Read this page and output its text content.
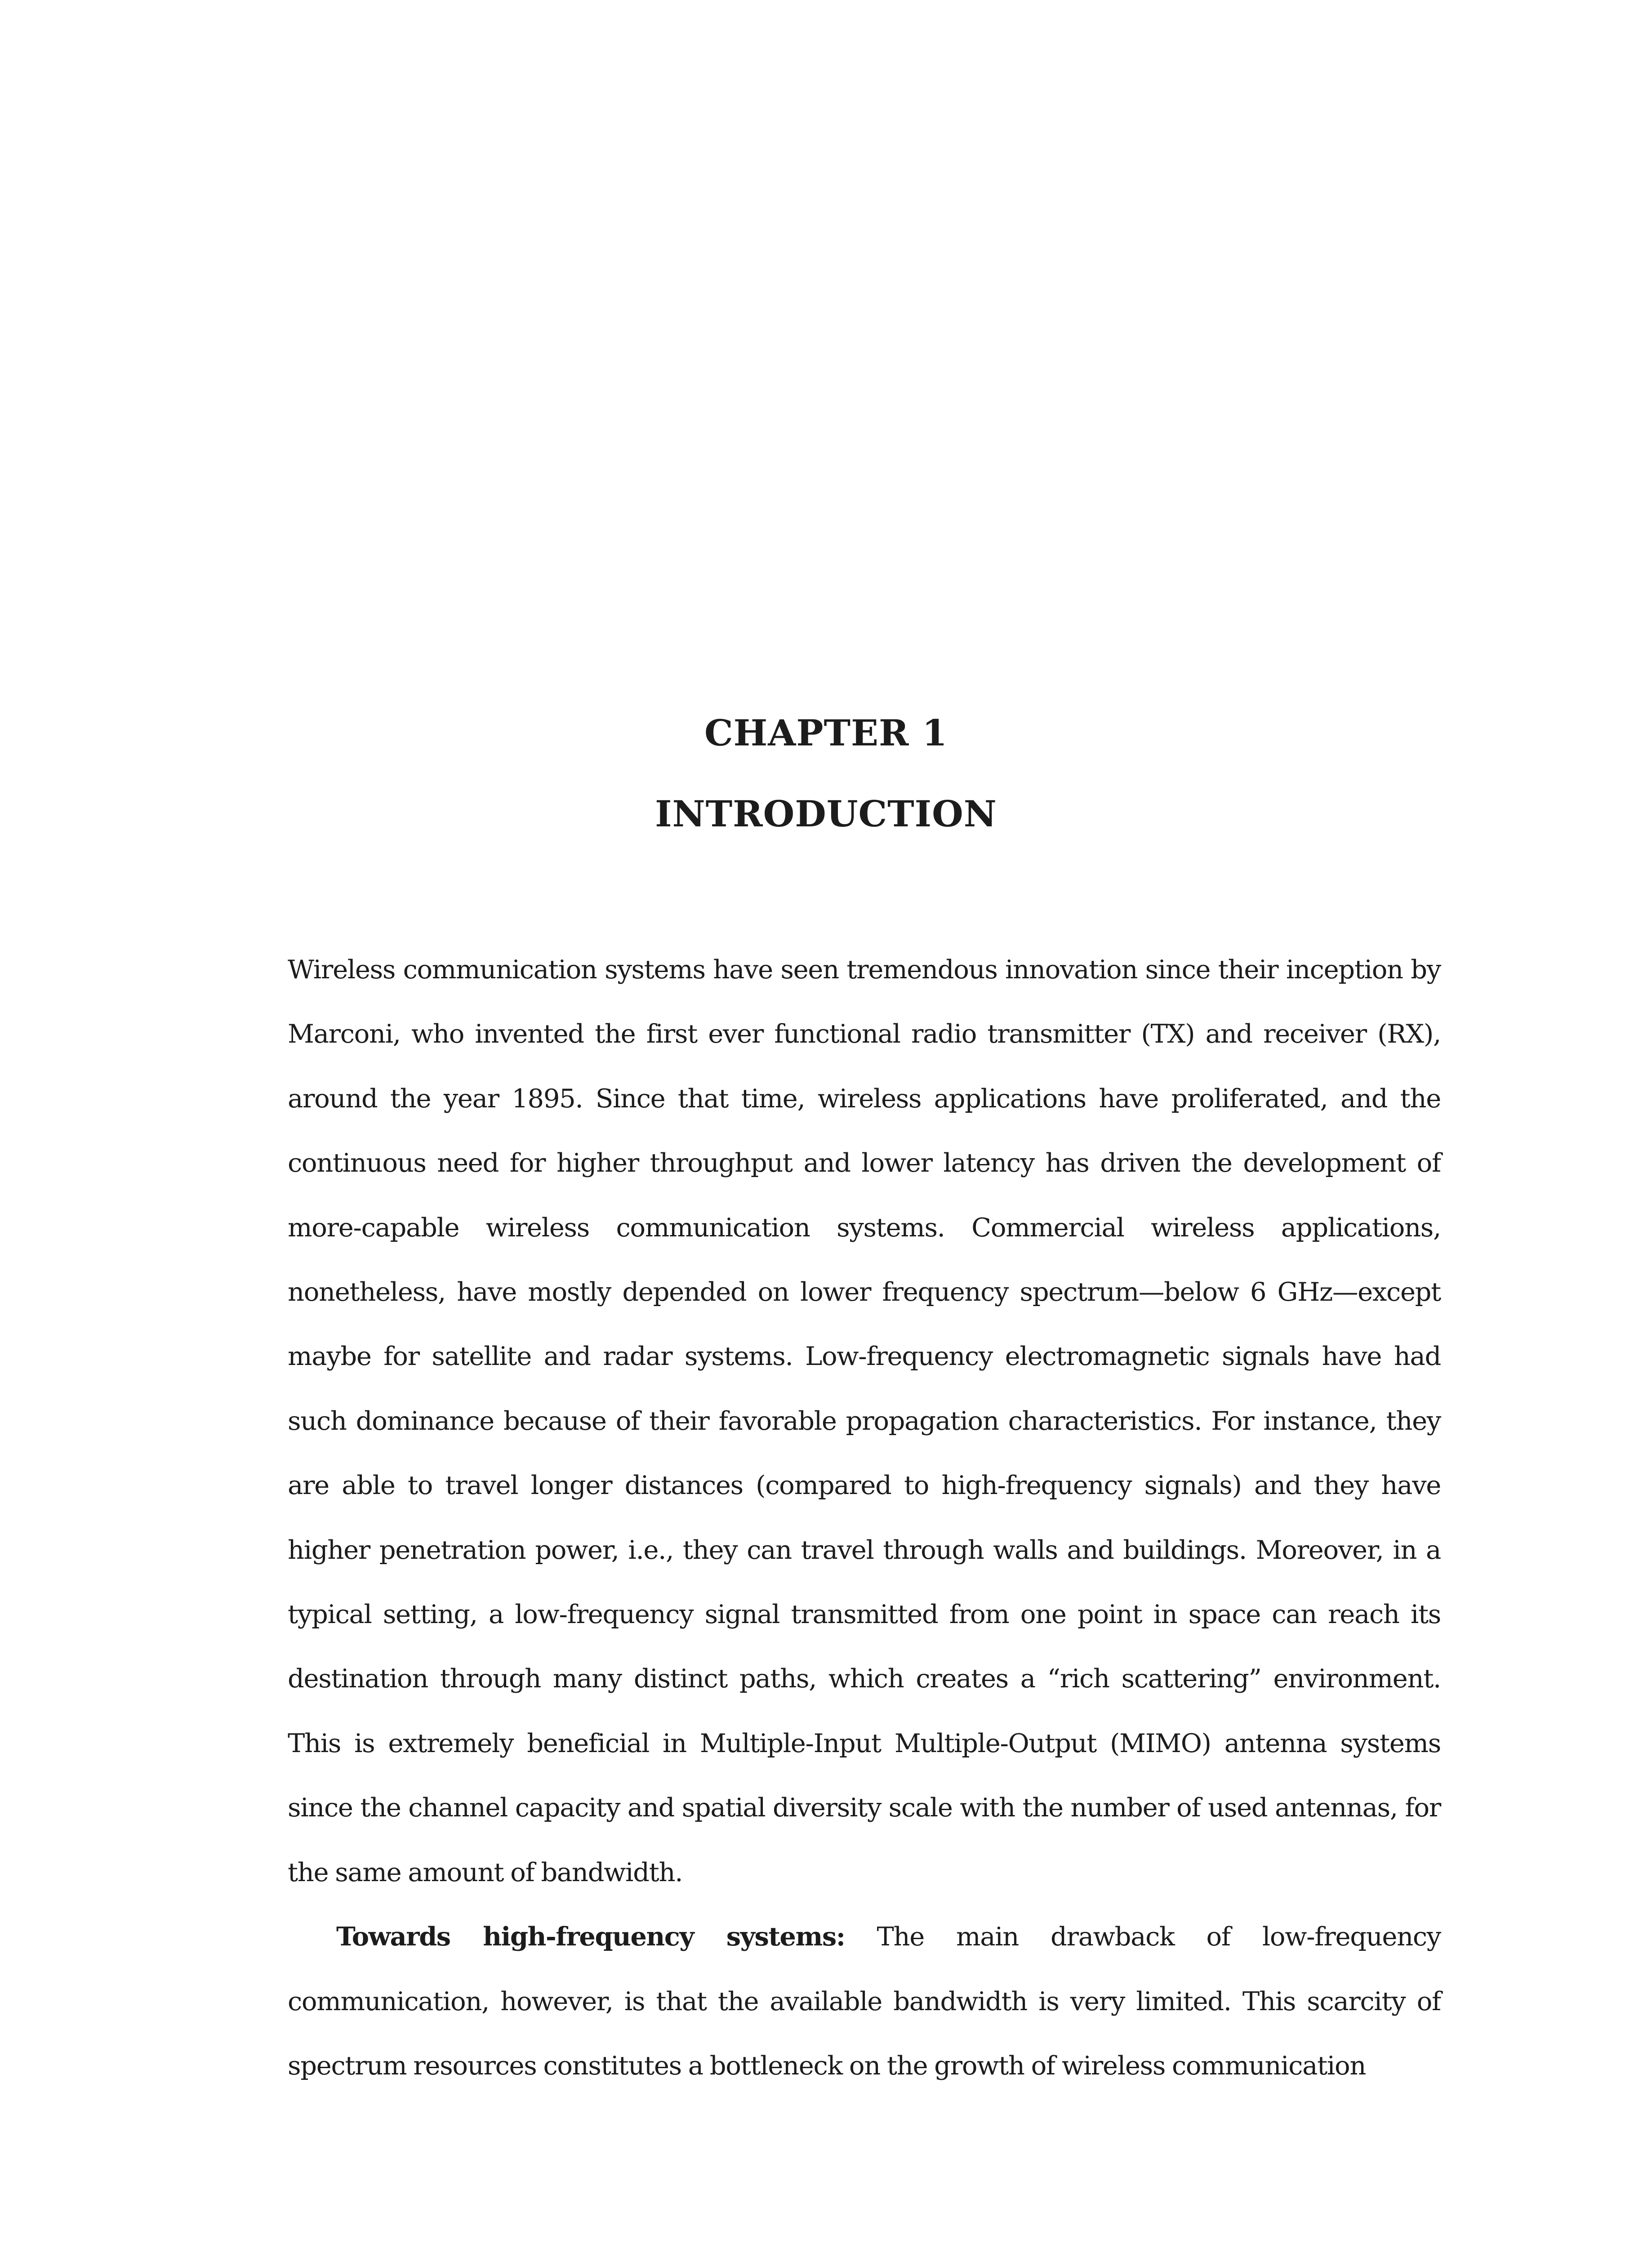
CHAPTER 1
INTRODUCTION

Wireless communication systems have seen tremendous innovation since their inception by Marconi, who invented the first ever functional radio transmitter (TX) and receiver (RX), around the year 1895. Since that time, wireless applications have proliferated, and the continuous need for higher throughput and lower latency has driven the development of more-capable wireless communication systems. Commercial wireless applications, nonetheless, have mostly depended on lower frequency spectrum—below 6 GHz—except maybe for satellite and radar systems. Low-frequency electromagnetic signals have had such dominance because of their favorable propagation characteristics. For instance, they are able to travel longer distances (compared to high-frequency signals) and they have higher penetration power, i.e., they can travel through walls and buildings. Moreover, in a typical setting, a low-frequency signal transmitted from one point in space can reach its destination through many distinct paths, which creates a “rich scattering” environment. This is extremely beneficial in Multiple-Input Multiple-Output (MIMO) antenna systems since the channel capacity and spatial diversity scale with the number of used antennas, for the same amount of bandwidth.

Towards high-frequency systems: The main drawback of low-frequency communication, however, is that the available bandwidth is very limited. This scarcity of spectrum resources constitutes a bottleneck on the growth of wireless communication
